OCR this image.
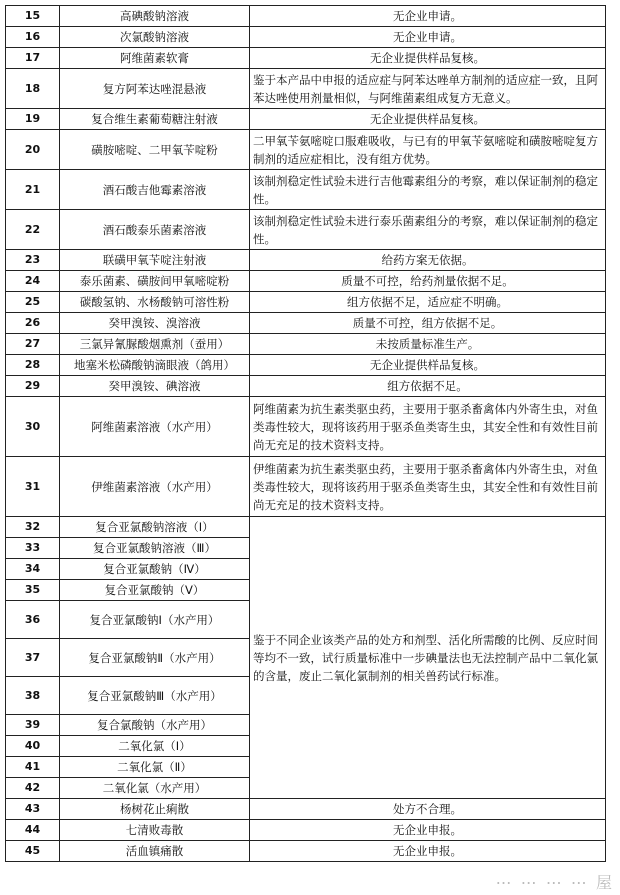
15	高碘酸钠溶液	无企业申请。
16	次氯酸钠溶液	无企业申请。
17	阿维菌素软膏	无企业提供样品复核。
18	复方阿苯达唑混悬液	鉴于本产品中申报的适应症与阿苯达唑单方制剂的适应症一致，且阿苯达唑使用剂量相似，与阿维菌素组成复方无意义。
19	复合维生素葡萄糖注射液	无企业提供样品复核。
20	磺胺嘧啶、二甲氧苄啶粉	二甲氧苄氨嘧啶口服难吸收，与已有的甲氧苄氨嘧啶和磺胺嘧啶复方制剂的适应症相比，没有组方优势。
21	酒石酸吉他霉素溶液	该制剂稳定性试验未进行吉他霉素组分的考察，难以保证制剂的稳定性。
22	酒石酸泰乐菌素溶液	该制剂稳定性试验未进行泰乐菌素组分的考察，难以保证制剂的稳定性。
23	联磺甲氧苄啶注射液	给药方案无依据。
24	泰乐菌素、磺胺间甲氧嘧啶粉	质量不可控，给药剂量依据不足。
25	碳酸氢钠、水杨酸钠可溶性粉	组方依据不足，适应症不明确。
26	癸甲溴铵、溴溶液	质量不可控，组方依据不足。
27	三氯异氰脲酸烟熏剂（蚕用）	未按质量标准生产。
28	地塞米松磷酸钠滴眼液（鸽用）	无企业提供样品复核。
29	癸甲溴铵、碘溶液	组方依据不足。
30	阿维菌素溶液（水产用）	阿维菌素为抗生素类驱虫药，主要用于驱杀畜禽体内外寄生虫，对鱼类毒性较大，现将该药用于驱杀鱼类寄生虫，其安全性和有效性目前尚无充足的技术资料支持。
31	伊维菌素溶液（水产用）	伊维菌素为抗生素类驱虫药，主要用于驱杀畜禽体内外寄生虫，对鱼类毒性较大，现将该药用于驱杀鱼类寄生虫，其安全性和有效性目前尚无充足的技术资料支持。
32	复合亚氯酸钠溶液（Ⅰ）	鉴于不同企业该类产品的处方和剂型、活化所需酸的比例、反应时间等均不一致，试行质量标准中一步碘量法也无法控制产品中二氧化氯的含量，废止二氧化氯制剂的相关兽药试行标准。
33	复合亚氯酸钠溶液（Ⅲ）	
34	复合亚氯酸钠（Ⅳ）	
35	复合亚氯酸钠（Ⅴ）	
36	复合亚氯酸钠Ⅰ（水产用）	
37	复合亚氯酸钠Ⅱ（水产用）	
38	复合亚氯酸钠Ⅲ（水产用）	
39	复合氯酸钠（水产用）	
40	二氧化氯（Ⅰ）	
41	二氧化氯（Ⅱ）	
42	二氧化氯（水产用）	
43	杨树花止痢散	处方不合理。
44	七清败毒散	无企业申报。
45	活血镇痛散	无企业申报。
⋯ ⋯ ⋯ ⋯ 屋
